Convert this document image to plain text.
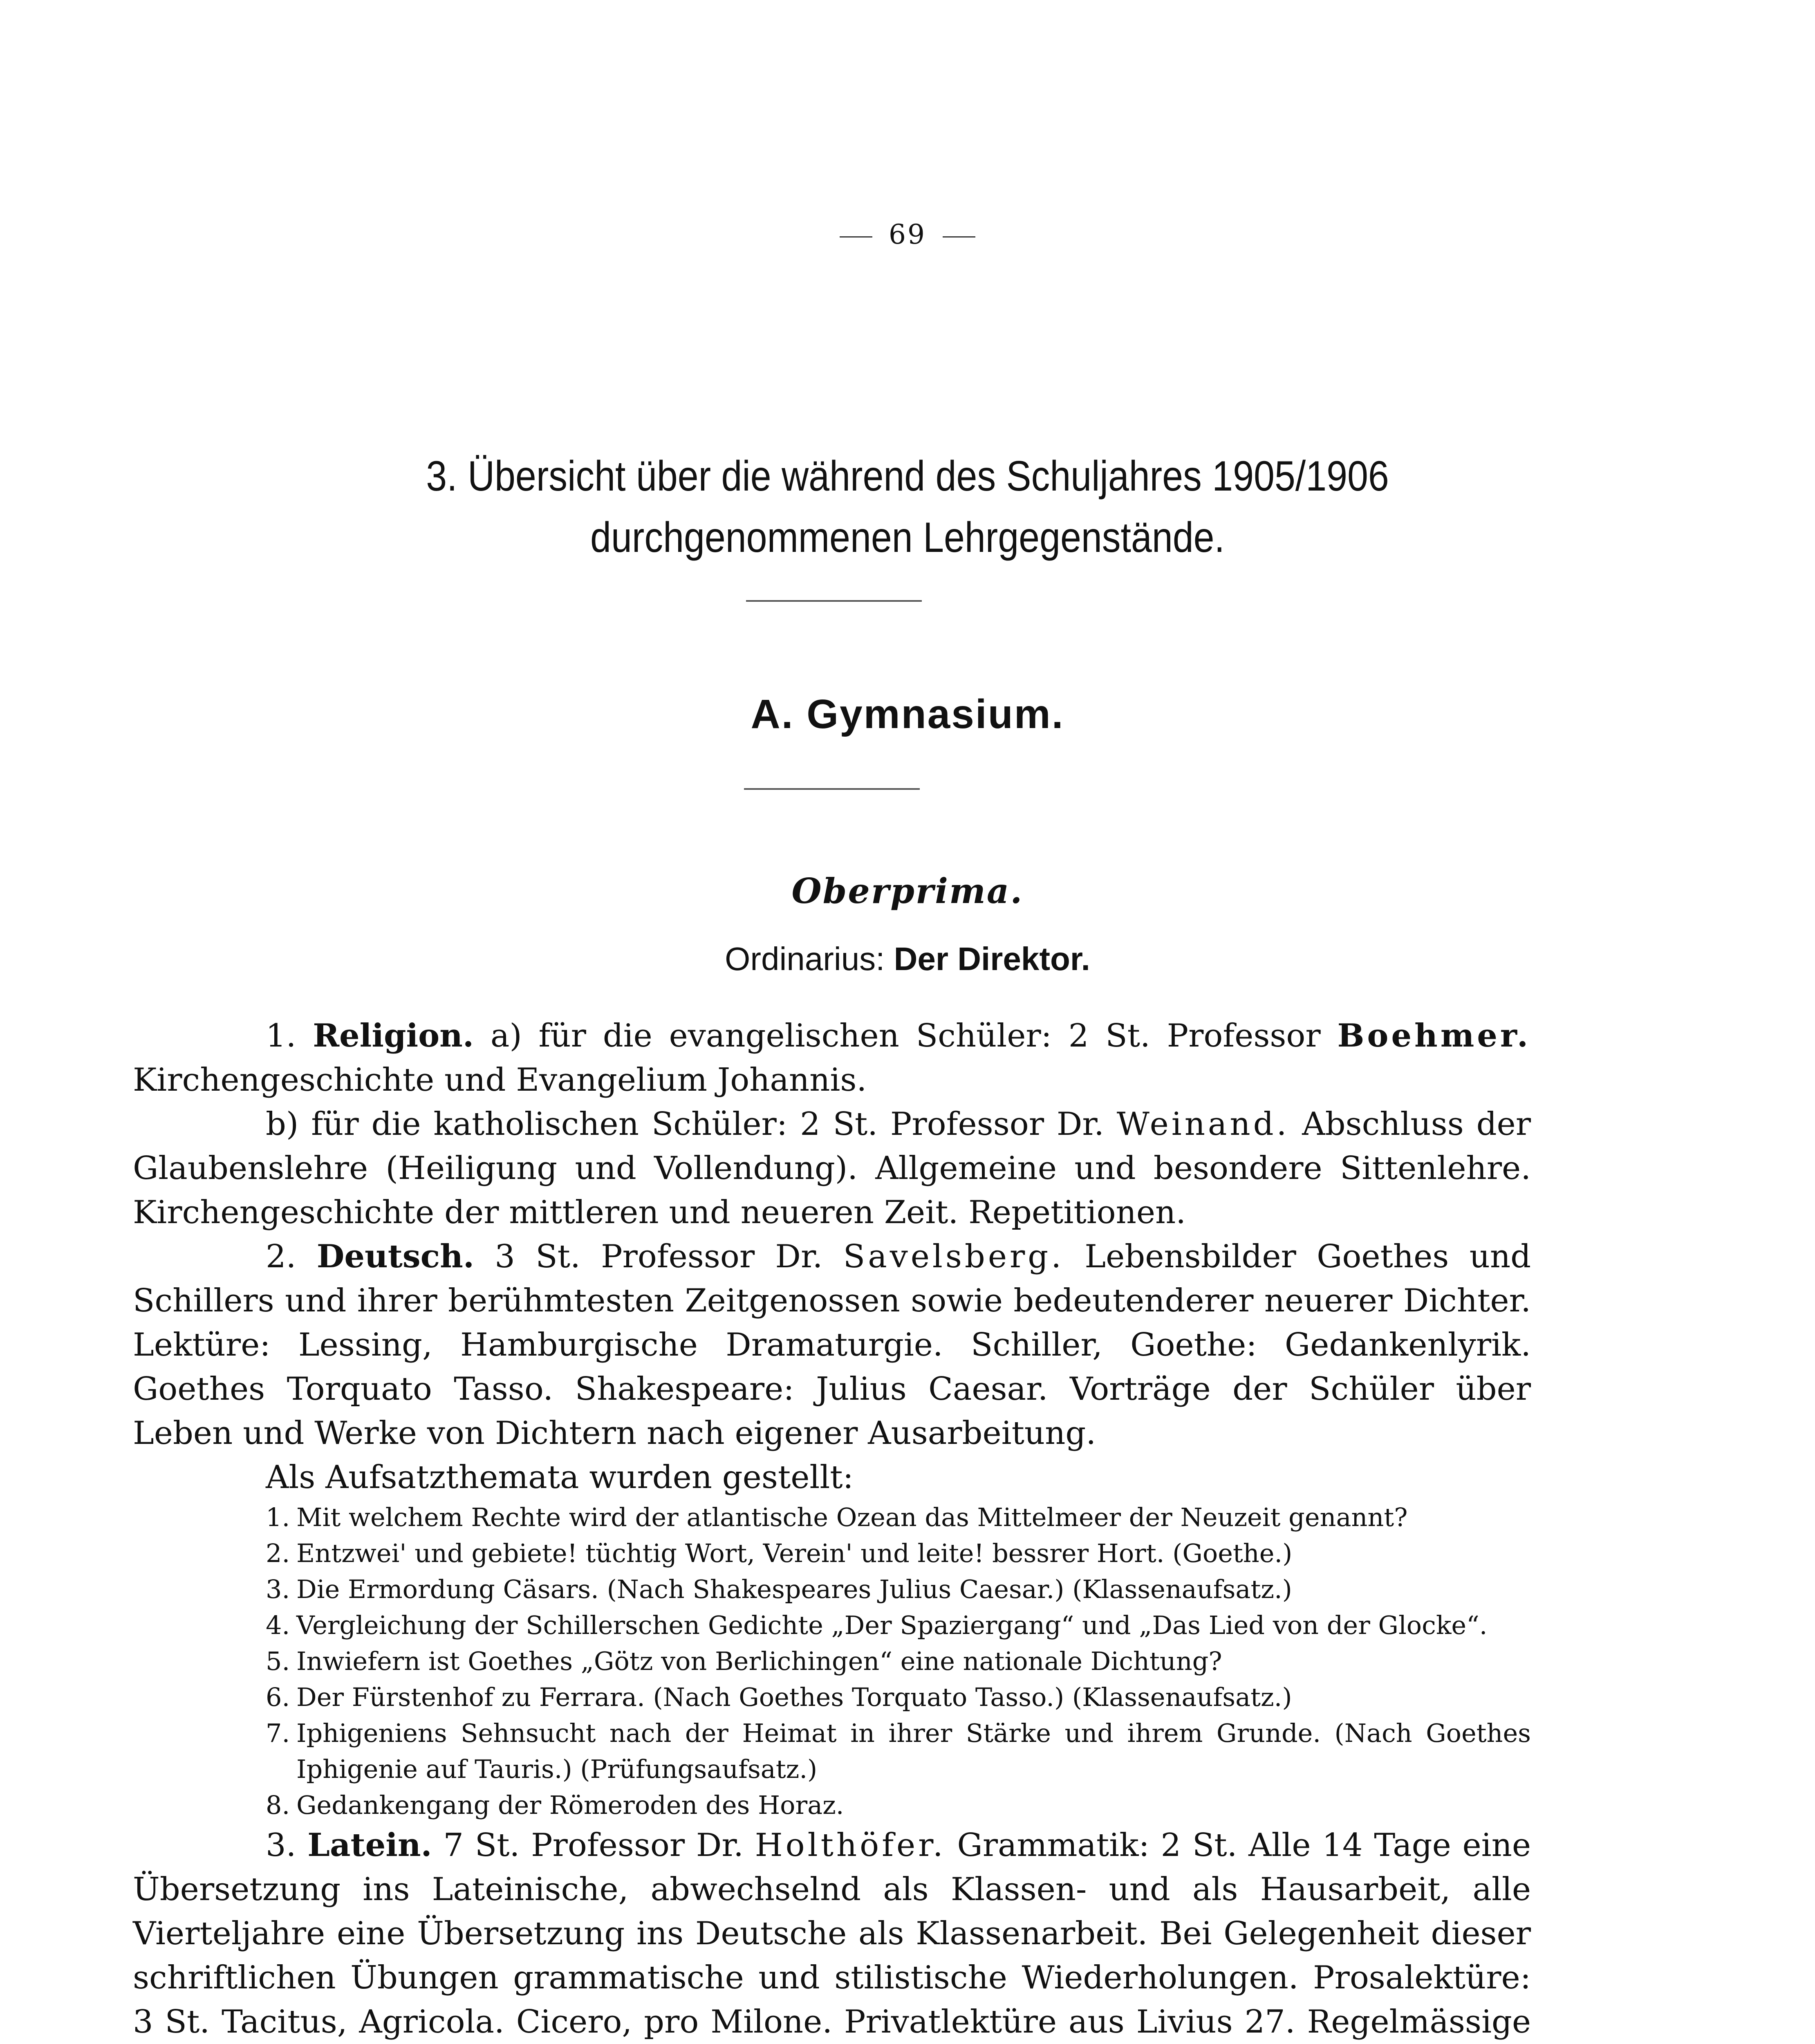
69
3. Übersicht über die während des Schuljahres 1905/1906
durchgenommenen Lehrgegenstände.
A. Gymnasium.
Oberprima.
Ordinarius: Der Direktor.

1. Religion. a) für die evangelischen Schüler: 2 St. Professor Boehmer. Kirchengeschichte und Evangelium Johannis.

b) für die katholischen Schüler: 2 St. Professor Dr. Weinand. Abschluss der Glaubenslehre (Heiligung und Vollendung). Allgemeine und besondere Sittenlehre. Kirchengeschichte der mittleren und neueren Zeit. Repetitionen.

2. Deutsch. 3 St. Professor Dr. Savelsberg. Lebensbilder Goethes und Schillers und ihrer berühmtesten Zeitgenossen sowie bedeutenderer neuerer Dichter. Lektüre: Lessing, Hamburgische Dramaturgie. Schiller, Goethe: Gedankenlyrik. Goethes Torquato Tasso. Shakespeare: Julius Caesar. Vorträge der Schüler über Leben und Werke von Dichtern nach eigener Ausarbeitung.

Als Aufsatzthemata wurden gestellt:

1. Mit welchem Rechte wird der atlantische Ozean das Mittelmeer der Neuzeit genannt?
2. Entzwei' und gebiete! tüchtig Wort, Verein' und leite! bessrer Hort. (Goethe.)
3. Die Ermordung Cäsars. (Nach Shakespeares Julius Caesar.) (Klassenaufsatz.)
4. Vergleichung der Schillerschen Gedichte „Der Spaziergang“ und „Das Lied von der Glocke“.
5. Inwiefern ist Goethes „Götz von Berlichingen“ eine nationale Dichtung?
6. Der Fürstenhof zu Ferrara. (Nach Goethes Torquato Tasso.) (Klassenaufsatz.)
7. Iphigeniens Sehnsucht nach der Heimat in ihrer Stärke und ihrem Grunde. (Nach Goethes Iphigenie auf Tauris.) (Prüfungsaufsatz.)
8. Gedankengang der Römeroden des Horaz.

3. Latein. 7 St. Professor Dr. Holthöfer. Grammatik: 2 St. Alle 14 Tage eine Übersetzung ins Lateinische, abwechselnd als Klassen- und als Hausarbeit, alle Vierteljahre eine Übersetzung ins Deutsche als Klassenarbeit. Bei Gelegenheit dieser schriftlichen Übungen grammatische und stilistische Wiederholungen. Prosalektüre: 3 St. Tacitus, Agricola. Cicero, pro Milone. Privatlektüre aus Livius 27. Regelmässige
